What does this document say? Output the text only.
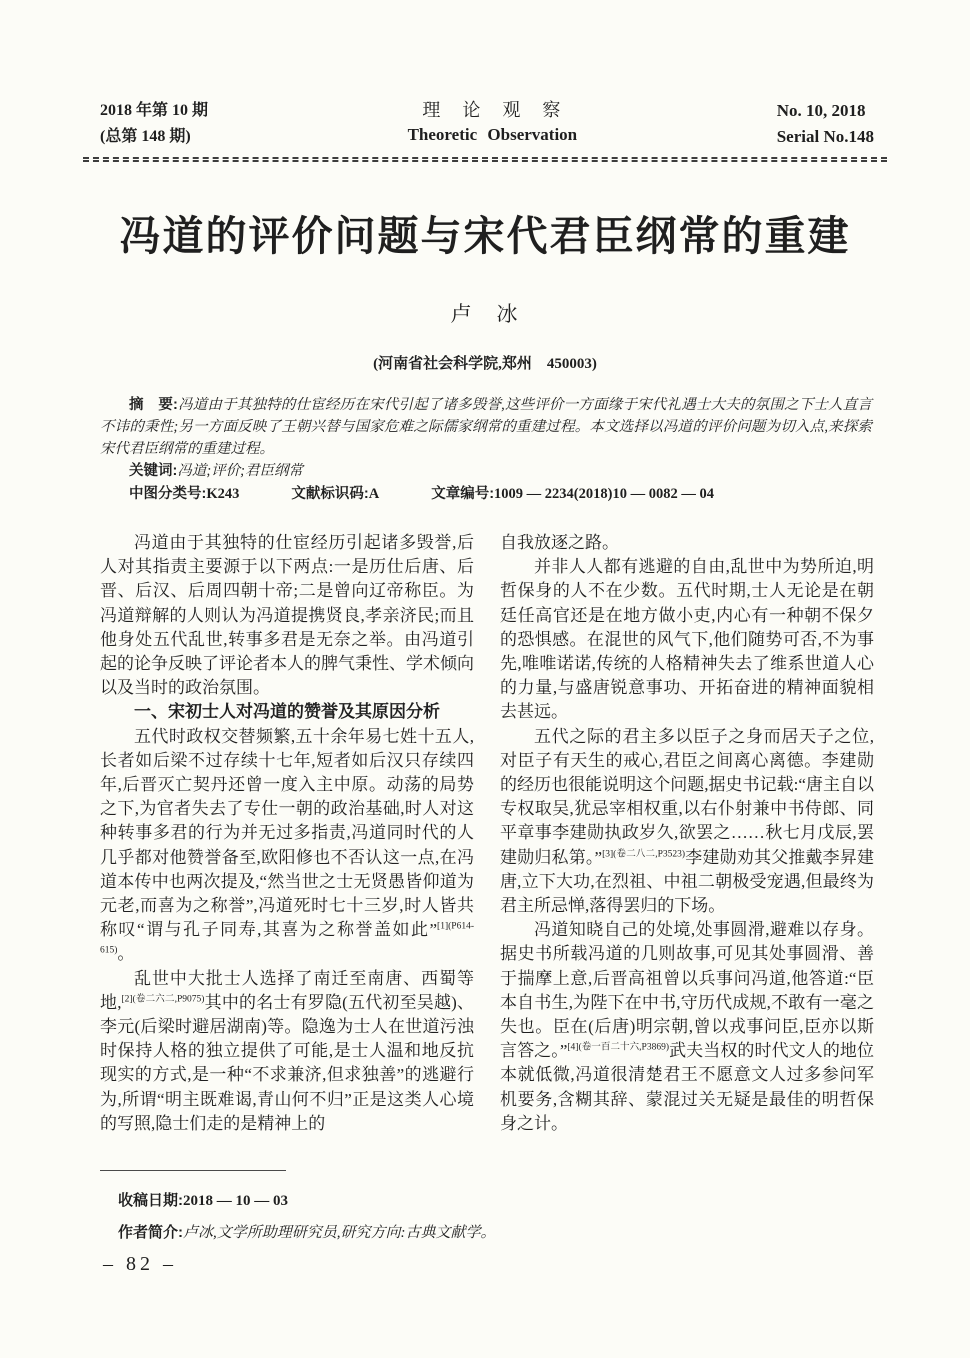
2018 年第 10 期
(总第 148 期)
理　论　观　察
Theoretic Observation
No. 10, 2018
Serial No.148
冯道的评价问题与宋代君臣纲常的重建
卢　冰
(河南省社会科学院,郑州　450003)

摘　要:冯道由于其独特的仕宦经历在宋代引起了诸多毁誉,这些评价一方面缘于宋代礼遇士大夫的氛围之下士人直言不讳的秉性;另一方面反映了王朝兴替与国家危难之际儒家纲常的重建过程。本文选择以冯道的评价问题为切入点,来探索宋代君臣纲常的重建过程。

关键词:冯道;评价;君臣纲常

中图分类号:K243	文献标识码:A	文章编号:1009 — 2234(2018)10 — 0082 — 04

冯道由于其独特的仕宦经历引起诸多毁誉,后人对其指责主要源于以下两点:一是历仕后唐、后晋、后汉、后周四朝十帝;二是曾向辽帝称臣。为冯道辩解的人则认为冯道提携贤良,孝亲济民;而且他身处五代乱世,转事多君是无奈之举。由冯道引起的论争反映了评论者本人的脾气秉性、学术倾向以及当时的政治氛围。

一、宋初士人对冯道的赞誉及其原因分析

五代时政权交替频繁,五十余年易七姓十五人,长者如后梁不过存续十七年,短者如后汉只存续四年,后晋灭亡契丹还曾一度入主中原。动荡的局势之下,为官者失去了专仕一朝的政治基础,时人对这种转事多君的行为并无过多指责,冯道同时代的人几乎都对他赞誉备至,欧阳修也不否认这一点,在冯道本传中也两次提及,“然当世之士无贤愚皆仰道为元老,而喜为之称誉”,冯道死时七十三岁,时人皆共称叹“谓与孔子同寿,其喜为之称誉盖如此”$^{[1](P614-615)}$。

乱世中大批士人选择了南迁至南唐、西蜀等地,$^{[2](卷二六二,P9075)}$其中的名士有罗隐(五代初至吴越)、李元(后梁时避居湖南)等。隐逸为士人在世道污浊时保持人格的独立提供了可能,是士人温和地反抗现实的方式,是一种“不求兼济,但求独善”的逃避行为,所谓“明主既难谒,青山何不归”正是这类人心境的写照,隐士们走的是精神上的

自我放逐之路。

并非人人都有逃避的自由,乱世中为势所迫,明哲保身的人不在少数。五代时期,士人无论是在朝廷任高官还是在地方做小吏,内心有一种朝不保夕的恐惧感。在混世的风气下,他们随势可否,不为事先,唯唯诺诺,传统的人格精神失去了维系世道人心的力量,与盛唐锐意事功、开拓奋进的精神面貌相去甚远。

五代之际的君主多以臣子之身而居天子之位,对臣子有天生的戒心,君臣之间离心离德。李建勋的经历也很能说明这个问题,据史书记载:“唐主自以专权取吴,犹忌宰相权重,以右仆射兼中书侍郎、同平章事李建勋执政岁久,欲罢之……秋七月戊辰,罢建勋归私第。”$^{[3](卷二八二,P3523)}$李建勋劝其父推戴李昇建唐,立下大功,在烈祖、中祖二朝极受宠遇,但最终为君主所忌惮,落得罢归的下场。

冯道知晓自己的处境,处事圆滑,避难以存身。据史书所载冯道的几则故事,可见其处事圆滑、善于揣摩上意,后晋高祖曾以兵事问冯道,他答道:“臣本自书生,为陛下在中书,守历代成规,不敢有一毫之失也。臣在(后唐)明宗朝,曾以戎事问臣,臣亦以斯言答之。”$^{[4](卷一百二十六,P3869)}$武夫当权的时代文人的地位本就低微,冯道很清楚君王不愿意文人过多参问军机要务,含糊其辞、蒙混过关无疑是最佳的明哲保身之计。

收稿日期:2018 — 10 — 03
作者简介:卢冰,文学所助理研究员,研究方向:古典文献学。
– 82 –
